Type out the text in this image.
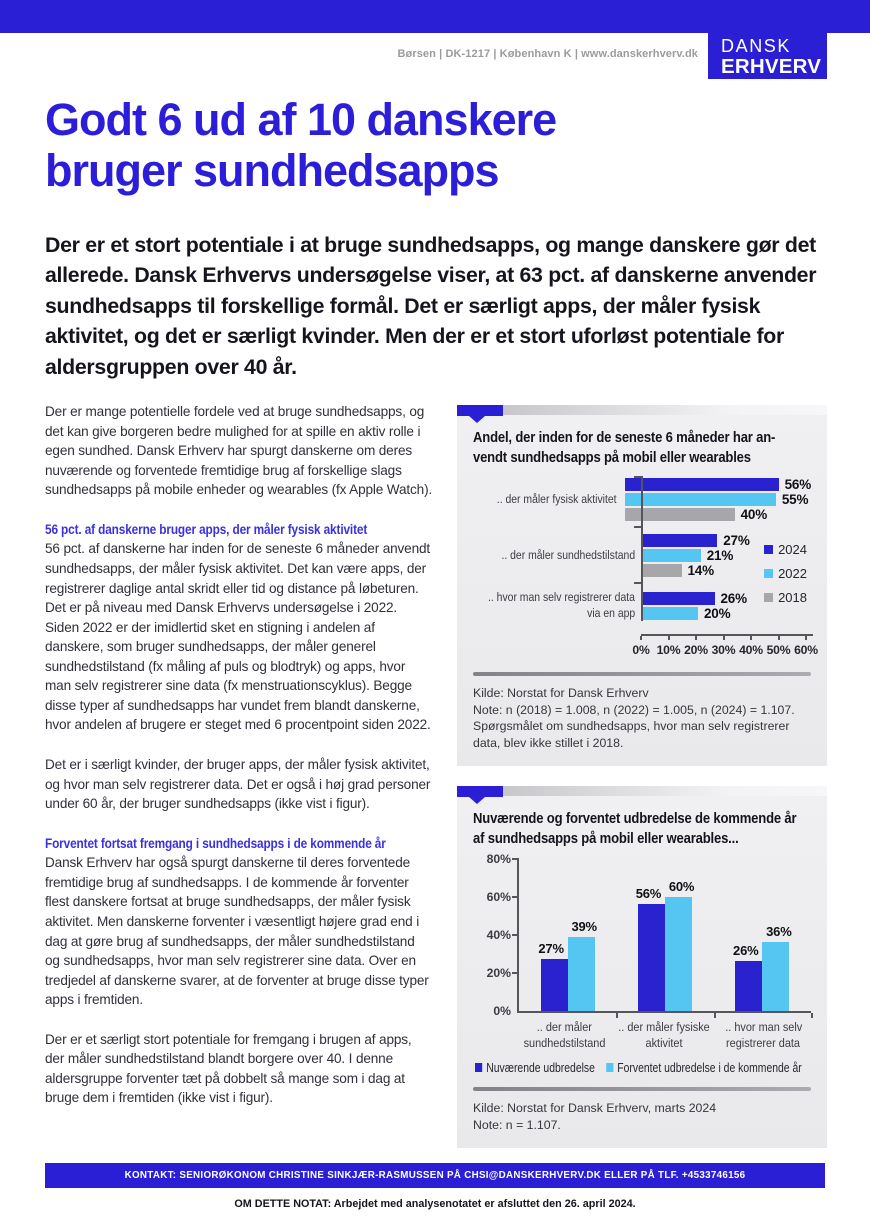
Børsen | DK-1217 | København K | www.danskerhverv.dk DANSK
ERHVERV
Godt 6 ud af 10 danskere
bruger sundhedsapps

Der er et stort potentiale i at bruge sundhedsapps, og mange danskere gør det allerede. Dansk Erhvervs undersøgelse viser, at 63 pct. af danskerne anvender sundhedsapps til forskellige formål. Det er særligt apps, der måler fysisk aktivitet, og det er særligt kvinder. Men der er et stort uforløst potentiale for aldersgruppen over 40 år.

Der er mange potentielle fordele ved at bruge sundhedsapps, og det kan give borgeren bedre mulighed for at spille en aktiv rolle i egen sundhed. Dansk Erhverv har spurgt danskerne om deres nuværende og forventede fremtidige brug af forskellige slags sundhedsapps på mobile enheder og wearables (fx Apple Watch).

56 pct. af danskerne bruger apps, der måler fysisk aktivitet

56 pct. af danskerne har inden for de seneste 6 måneder anvendt sundhedsapps, der måler fysisk aktivitet. Det kan være apps, der registrerer daglige antal skridt eller tid og distance på løbeturen. Det er på niveau med Dansk Erhvervs undersøgelse i 2022. Siden 2022 er der imidlertid sket en stigning i andelen af danskere, som bruger sundhedsapps, der måler generel sundhedstilstand (fx måling af puls og blodtryk) og apps, hvor man selv registrerer sine data (fx menstruationscyklus). Begge disse typer af sundhedsapps har vundet frem blandt danskerne, hvor andelen af brugere er steget med 6 procentpoint siden 2022.

Det er i særligt kvinder, der bruger apps, der måler fysisk aktivitet, og hvor man selv registrerer data. Det er også i høj grad personer under 60 år, der bruger sundhedsapps (ikke vist i figur).

Forventet fortsat fremgang i sundhedsapps i de kommende år

Dansk Erhverv har også spurgt danskerne til deres forventede fremtidige brug af sundhedsapps. I de kommende år forventer flest danskere fortsat at bruge sundhedsapps, der måler fysisk aktivitet. Men danskerne forventer i væsentligt højere grad end i dag at gøre brug af sundhedsapps, der måler sundhedstilstand og sundhedsapps, hvor man selv registrerer sine data. Over en tredjedel af danskerne svarer, at de forventer at bruge disse typer apps i fremtiden.

Der er et særligt stort potentiale for fremgang i brugen af apps, der måler sundhedstilstand blandt borgere over 40. I denne aldersgruppe forventer tæt på dobbelt så mange som i dag at bruge dem i fremtiden (ikke vist i figur).

Andel, der inden for de seneste 6 måneder har an-
vendt sundhedsapps på mobil eller wearables
.. der måler fysisk aktivitet
56%
55%
40%
.. der måler sundhedstilstand
27%
21%
14%
.. hvor man selv registrerer data
via en app
26%
20%
0% 10% 20% 30% 40% 50% 60%
2024
2022
2018
Kilde: Norstat for Dansk Erhverv
Note: n (2018) = 1.008, n (2022) = 1.005, n (2024) = 1.107. Spørgsmålet om sundhedsapps, hvor man selv registrerer data, blev ikke stillet i 2018.
Nuværende og forventet udbredelse de kommende år
af sundhedsapps på mobil eller wearables...
0%
20%
40%
60%
80%
27%
39%
56%
60%
26%
36%
.. der måler
sundhedstilstand
.. der måler fysiske
aktivitet
.. hvor man selv
registrerer data
Nuværende udbredelse Forventet udbredelse i de kommende år
Kilde: Norstat for Dansk Erhverv, marts 2024
Note: n = 1.107.
KONTAKT: SENIORØKONOM CHRISTINE SINKJÆR-RASMUSSEN PÅ CHSI@DANSKERHVERV.DK ELLER PÅ TLF. +4533746156
OM DETTE NOTAT: Arbejdet med analysenotatet er afsluttet den 26. april 2024.
